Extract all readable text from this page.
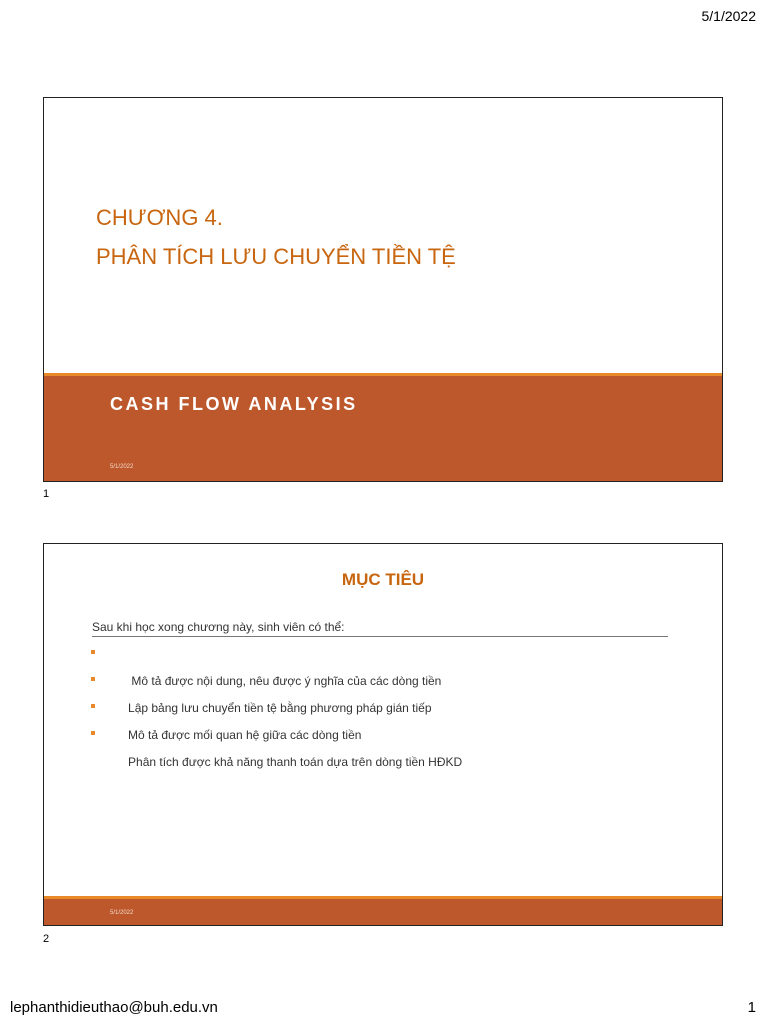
5/1/2022
CHƯƠNG 4.
PHÂN TÍCH LƯU CHUYỂN TIỀN TỆ
CASH FLOW ANALYSIS
5/1/2022
1
MỤC TIÊU
Sau khi học xong chương này, sinh viên có thể:

Mô tả được nội dung, nêu được ý nghĩa của các dòng tiền

Lập bảng lưu chuyển tiền tệ bằng phương pháp gián tiếp

Mô tả được mối quan hệ giữa các dòng tiền

Phân tích được khả năng thanh toán dựa trên dòng tiền HĐKD

5/1/2022
2
lephanthidieuthao@buh.edu.vn	1
